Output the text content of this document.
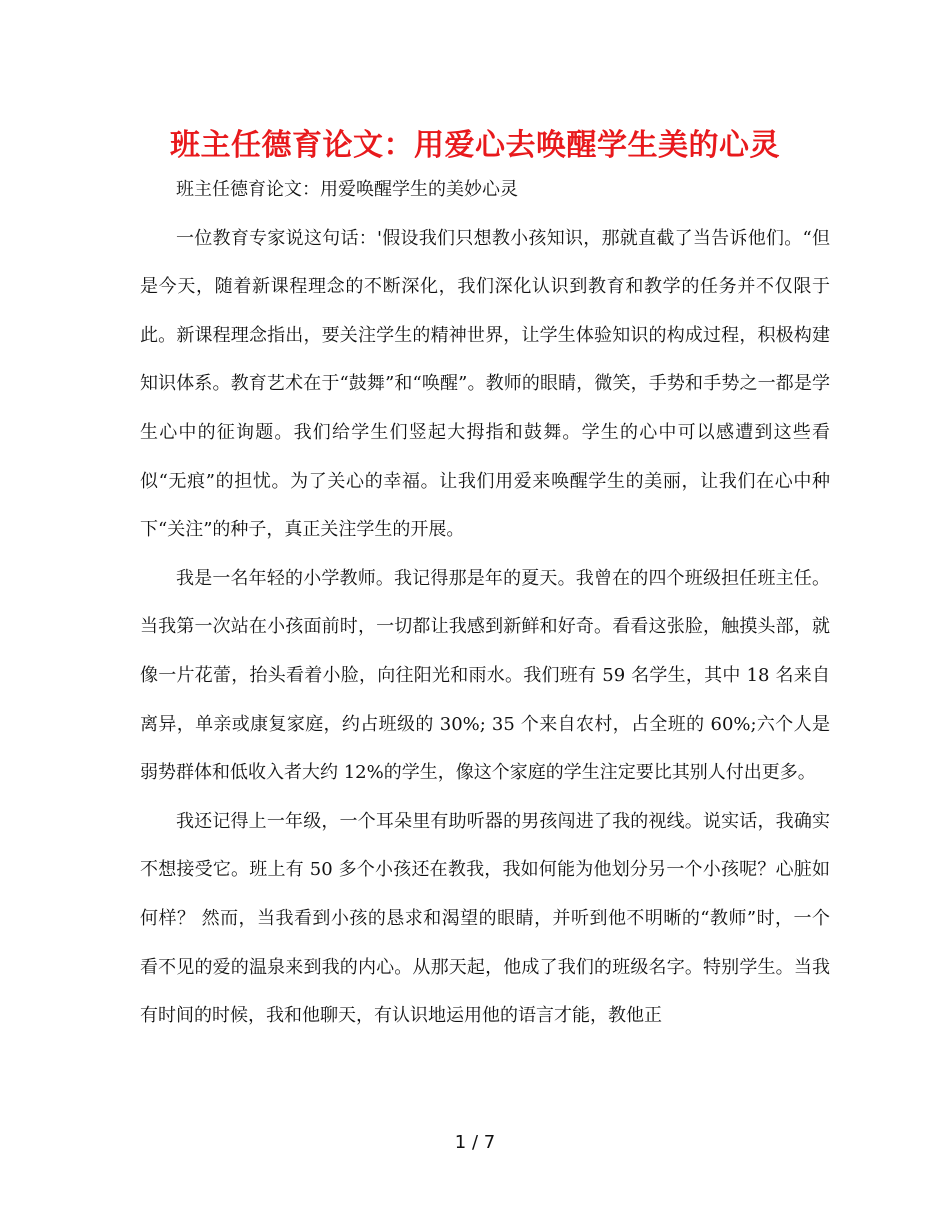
班主任德育论文：用爱心去唤醒学生美的心灵

班主任德育论文：用爱唤醒学生的美妙心灵

一位教育专家说这句话：'假设我们只想教小孩知识，那就直截了当告诉他们。“但是今天，随着新课程理念的不断深化，我们深化认识到教育和教学的任务并不仅限于此。新课程理念指出，要关注学生的精神世界，让学生体验知识的构成过程，积极构建知识体系。教育艺术在于“鼓舞”和“唤醒”。教师的眼睛，微笑，手势和手势之一都是学生心中的征询题。我们给学生们竖起大拇指和鼓舞。学生的心中可以感遭到这些看似“无痕”的担忧。为了关心的幸福。让我们用爱来唤醒学生的美丽，让我们在心中种下“关注”的种子，真正关注学生的开展。

我是一名年轻的小学教师。我记得那是年的夏天。我曾在的四个班级担任班主任。当我第一次站在小孩面前时，一切都让我感到新鲜和好奇。看看这张脸，触摸头部，就像一片花蕾，抬头看着小脸，向往阳光和雨水。我们班有 59 名学生，其中 18 名来自离异，单亲或康复家庭，约占班级的 30%; 35 个来自农村，占全班的 60%;六个人是弱势群体和低收入者大约 12%的学生，像这个家庭的学生注定要比其别人付出更多。

我还记得上一年级，一个耳朵里有助听器的男孩闯进了我的视线。说实话，我确实不想接受它。班上有 50 多个小孩还在教我，我如何能为他划分另一个小孩呢？心脏如何样？ 然而，当我看到小孩的恳求和渴望的眼睛，并听到他不明晰的“教师”时，一个看不见的爱的温泉来到我的内心。从那天起，他成了我们的班级名字。特别学生。当我有时间的时候，我和他聊天，有认识地运用他的语言才能，教他正

1 / 7
